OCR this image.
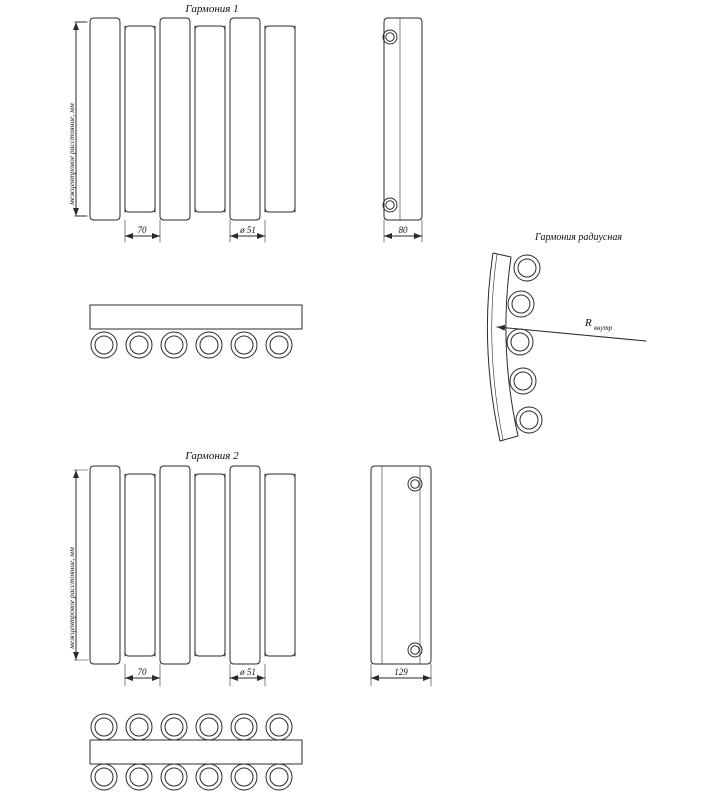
Гармония 1
межцентровое расстояние, мм
70	ø 51	80
Гармония радиусная
R внутр
Гармония 2
межцентровое расстояние, мм
70	ø 51	129
